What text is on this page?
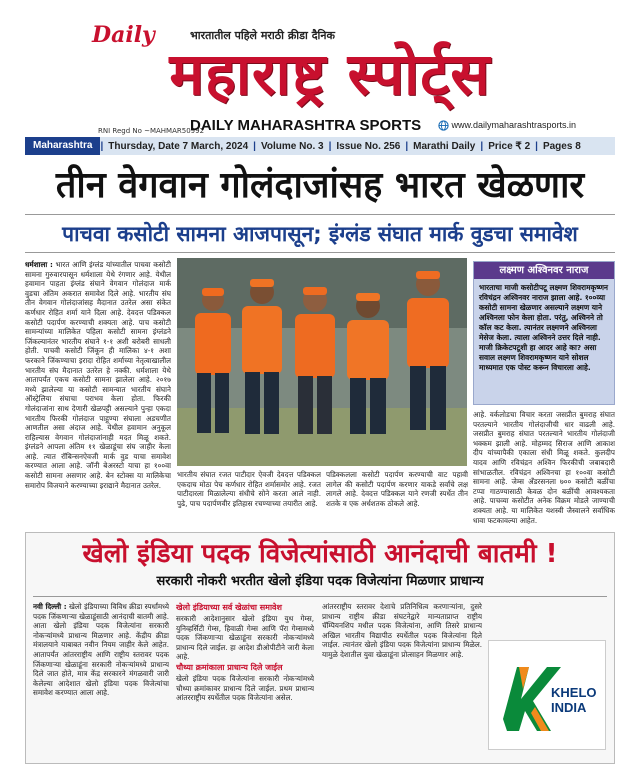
Daily	भारतातील पहिले मराठी क्रीडा दैनिक
महाराष्ट्र स्पोर्ट्स
RNI Regd No ~MAHMAR50992
DAILY MAHARASHTRA SPORTS	www.dailymaharashtrasports.in
Maharashtra | Thursday, Date 7 March, 2024 | Volume No. 3 | Issue No. 256 | Marathi Daily | Price ₹ 2 | Pages 8
तीन वेगवान गोलंदाजांसह भारत खेळणार
पाचवा कसोटी सामना आजपासून; इंग्लंड संघात मार्क वुडचा समावेश
धर्मशाला : भारत आणि इंग्लंड यांच्यातील पाचवा कसोटी सामना गुरुवारपासून धर्मशाला येथे रंगणार आहे. येथील हवामान पाहता इंग्लंड संघाने वेगवान गोलंदाज मार्क वुडचा अंतिम अकरात समावेश दिले आहे. भारतीय संघ तीन वेगवान गोलंदाजांसह मैदानात उतरेल असा संकेत कर्णधार रोहित शर्मा याने दिला आहे. देवदत्त पडिक्कल कसोटी पदार्पण करण्याची शक्यता आहे. पाच कसोटी सामन्यांच्या मालिकेत पहिला कसोटी सामना इंग्लंडने जिंकल्यानंतर भारतीय संघाने १-१ अशी बरोबरी साधली होती. पाचवी कसोटी जिंकून ही मालिका ४-१ अशा फरकाने जिंकण्याचा इरादा रोहित शर्माच्या नेतृत्वाखालील भारतीय संघ मैदानात उतरेल हे नक्की. धर्मशाला येथे आतापर्यंत एकच कसोटी सामना झालेला आहे. २०१७ मध्ये झालेल्या या कसोटी सामन्यात भारतीय संघाने ऑस्ट्रेलिया संघाचा पराभव केला होता. फिरकी गोलंदाजांना साथ देणारी खेळपट्टी असल्याने पुन्हा एकदा भारतीय फिरकी गोलंदाज पाहुण्या संघाला अडचणीत आणतील असा अंदाज आहे. येथील हवामान अनुकूल राहिल्यास वेगवान गोलंदाजांनाही मदत मिळू शकते. इंग्लंडने आपला अंतिम ११ खेळाडूंचा संघ जाहीर केला आहे. त्यात रॉबिन्सनऐवजी मार्क वुड याचा समावेश करण्यात आला आहे. जॉनी बेअरस्टो याचा हा १००वा कसोटी सामना असणार आहे. बेन स्टोक्स या मालिकेचा समारोप विजयाने करण्याच्या इराद्याने मैदानात उतरेल.
भारतीय संघात रजत पाटीदार ऐवजी देवदत्त पडिक्कल एकदाच मोठा पेच कर्णधार रोहित शर्मासमोर आहे. रजत पाटीदारला मिळालेल्या संधीचे सोने करता आले नाही. पुढे, पाच पदार्पणवीर इतिहास रचण्याच्या तयारीत आहे.
पडिक्कलला कसोटी पदार्पण करण्याची वाट पहावी लागेल की कसोटी पदार्पण करणार याकडे सर्वांचे लक्ष लागले आहे. देवदत्त पडिक्कल याने रणजी स्पर्धेत तीन शतके व एक अर्धशतक ठोकले आहे.
लक्ष्मण अश्विनवर नाराज
भारताचा माजी कसोटीपटू लक्ष्मण शिवरामकृष्णन रविचंद्रन अश्विनवर नाराज झाला आहे. १००व्या कसोटी सामना खेळणार असल्याने लक्ष्मण याने अश्विनला फोन केला होता. परंतु, अश्विनने तो कॉल कट केला. त्यानंतर लक्ष्मणने अश्विनला मेसेज केला. त्याला अश्विनने उत्तर दिले नाही. माजी क्रिकेटपटूशी हा आदर आहे का? असा सवाल लक्ष्मण शिवरामकृष्णन याने सोशल माध्यमात एक पोस्ट करून विचारला आहे.
आहे. वर्कलोडचा विचार करता जसप्रीत बुमराह संघात परतल्याने भारतीय गोलंदाजीची धार वाढली आहे. जसप्रीत बुमराह संघात परतल्याने भारतीय गोलंदाजी भक्कम झाली आहे. मोहम्मद सिराज आणि आकाश दीप यांच्यापैकी एकाला संधी मिळू शकते. कुलदीप यादव आणि रविचंद्रन अश्विन फिरकीची जबाबदारी सांभाळतील. रविचंद्रन अश्विनचा हा १००वा कसोटी सामना आहे. जेम्स अँडरसनला ७०० कसोटी बळींचा टप्पा गाठण्यासाठी केवळ दोन बळींची आवश्यकता आहे. पाचव्या कसोटीत अनेक विक्रम मोडले जाण्याची शक्यता आहे. या मालिकेत यशस्वी जैस्वालने सर्वाधिक धावा फटकावल्या आहेत.
खेलो इंडिया पदक विजेत्यांसाठी आनंदाची बातमी !
सरकारी नोकरी भरतीत खेलो इंडिया पदक विजेत्यांना मिळणार प्राधान्य
नवी दिल्ली : खेलो इंडियाच्या विविध क्रीडा स्पर्धांमध्ये पदक जिंकणाऱ्या खेळाडूंसाठी आनंदाची बातमी आहे. आता खेलो इंडिया पदक विजेत्यांना सरकारी नोकऱ्यांमध्ये प्राधान्य मिळणार आहे. केंद्रीय क्रीडा मंत्रालयाने याबाबत नवीन नियम जाहीर केले आहेत. आतापर्यंत आंतरराष्ट्रीय आणि राष्ट्रीय स्तरावर पदक जिंकणाऱ्या खेळाडूंना सरकारी नोकऱ्यांमध्ये प्राधान्य दिले जात होते, मात्र केंद्र सरकारने मंगळवारी जारी केलेल्या आदेशात खेलो इंडिया पदक विजेत्यांचा समावेश करण्यात आला आहे.
खेलो इंडियाच्या सर्व खेळांचा समावेश
सरकारी आदेशानुसार खेलो इंडिया युथ गेम्स, युनिव्हर्सिटी गेम्स, हिवाळी गेम्स आणि पॅरा गेम्समध्ये पदक जिंकणाऱ्या खेळाडूंना सरकारी नोकऱ्यांमध्ये प्राधान्य दिले जाईल. हा आदेश डीओपीटीने जारी केला आहे.
चौथ्या क्रमांकाला प्राधान्य दिले जाईल
खेलो इंडिया पदक विजेत्यांना सरकारी नोकऱ्यांमध्ये चौथ्या क्रमांकावर प्राधान्य दिले जाईल. प्रथम प्राधान्य आंतरराष्ट्रीय स्पर्धेतील पदक विजेत्यांना असेल.
आंतरराष्ट्रीय स्तरावर देशाचे प्रतिनिधित्व करणाऱ्यांना, दुसरे प्राधान्य राष्ट्रीय क्रीडा संघटनेद्वारे मान्यताप्राप्त राष्ट्रीय चॅम्पियनशिप मधील पदक विजेत्यांना, आणि तिसरे प्राधान्य अखिल भारतीय विद्यापीठ स्पर्धेतील पदक विजेत्यांना दिले जाईल. त्यानंतर खेलो इंडिया पदक विजेत्यांना प्राधान्य मिळेल. यामुळे देशातील युवा खेळाडूंना प्रोत्साहन मिळणार आहे.
KHELO
INDIA
